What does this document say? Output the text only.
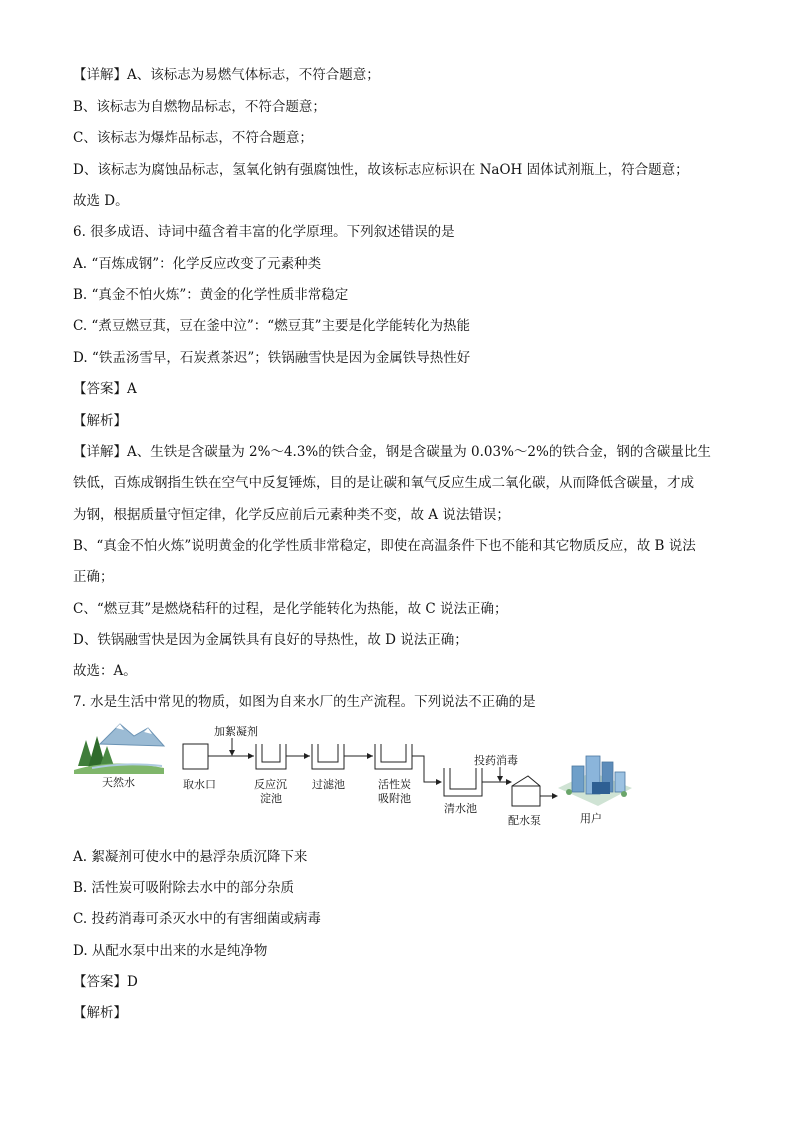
【详解】A、该标志为易燃气体标志，不符合题意；
B、该标志为自燃物品标志，不符合题意；
C、该标志为爆炸品标志，不符合题意；
D、该标志为腐蚀品标志，氢氧化钠有强腐蚀性，故该标志应标识在 NaOH 固体试剂瓶上，符合题意；
故选 D。
6. 很多成语、诗词中蕴含着丰富的化学原理。下列叙述错误的是
A. “百炼成钢”：化学反应改变了元素种类
B. “真金不怕火炼”：黄金的化学性质非常稳定
C. “煮豆燃豆萁，豆在釜中泣”：“燃豆萁”主要是化学能转化为热能
D. “铁盂汤雪早，石炭煮茶迟”；铁锅融雪快是因为金属铁导热性好
【答案】A
【解析】
【详解】A、生铁是含碳量为 2%～4.3%的铁合金，钢是含碳量为 0.03%～2%的铁合金，钢的含碳量比生
铁低，百炼成钢指生铁在空气中反复锤炼，目的是让碳和氧气反应生成二氧化碳，从而降低含碳量，才成
为钢，根据质量守恒定律，化学反应前后元素种类不变，故 A 说法错误；
B、“真金不怕火炼”说明黄金的化学性质非常稳定，即使在高温条件下也不能和其它物质反应，故 B 说法
正确；
C、“燃豆萁”是燃烧秸秆的过程，是化学能转化为热能，故 C 说法正确；
D、铁锅融雪快是因为金属铁具有良好的导热性，故 D 说法正确；
故选：A。
7. 水是生活中常见的物质，如图为自来水厂的生产流程。下列说法不正确的是
天然水	取水口
加絮凝剂
反应沉
淀池
过滤池	活性炭
吸附池
清水池
投药消毒
配水泵	用户
A. 絮凝剂可使水中的悬浮杂质沉降下来
B. 活性炭可吸附除去水中的部分杂质
C. 投药消毒可杀灭水中的有害细菌或病毒
D. 从配水泵中出来的水是纯净物
【答案】D
【解析】
